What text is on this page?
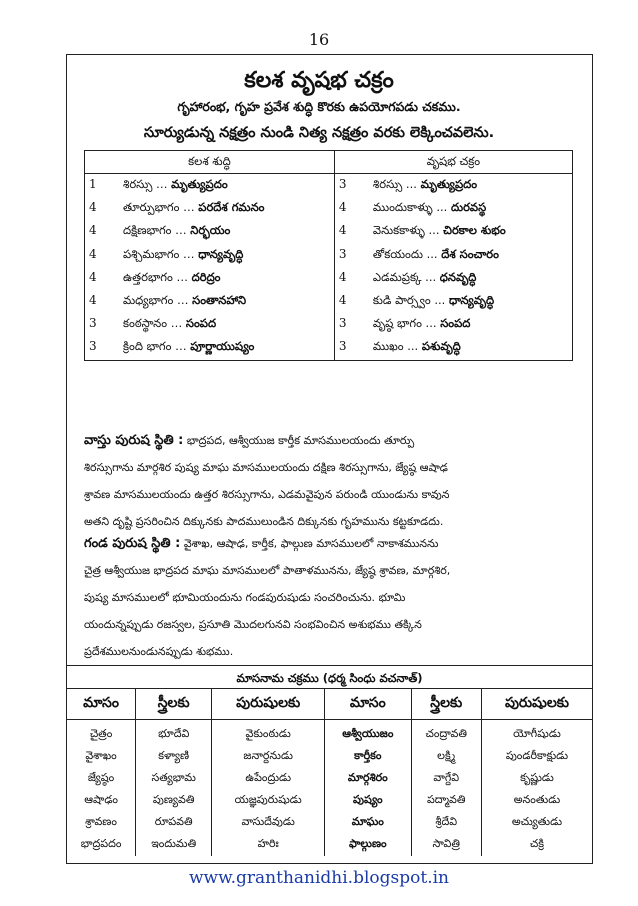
16
కలశ వృషభ చక్రం
గృహారంభ, గృహ ప్రవేశ శుద్ధి కొరకు ఉపయోగపడు చకము.
సూర్యుడున్న నక్షత్రం నుండి నిత్య నక్షత్రం వరకు లెక్కించవలెను.
కలశ శుద్ధి	వృషభ చక్రం
1 శిరస్సు … మృత్యుప్రదం	3 శిరస్సు ... మృత్యుప్రదం
4 తూర్పుభాగం … పరదేశ గమనం	4 ముందుకాళ్ళు ... దురవస్థ
4 దక్షిణభాగం … నిర్భయం	4 వెనుకకాళ్ళు ... చిరకాల శుభం
4 పశ్చిమభాగం … ధాన్యవృద్ధి	3 తోకయందు ... దేశ సంచారం
4 ఉత్తరభాగం … దరిద్రం	4 ఎడమప్రక్క ... ధనవృద్ధి
4 మధ్యభాగం … సంతానహాని	4 కుడి పార్స్వం ... ధాన్యవృద్ధి
3 కంఠస్థానం … సంపద	3 వృష్ఠ భాగం ... సంపద
3 క్రింది భాగం … పూర్ణాయుష్యం	3 ముఖం ... పశువృద్ధి
వాస్తు పురుష స్థితి : భాద్రపద, ఆశ్వీయుజ కార్తీక మాసములయందు తూర్పు
శిరస్సుగాను మార్గశిర పుష్య మాఘ మాసములయందు దక్షిణ శిరస్సుగాను, జ్యేష్ఠ ఆషాఢ
శ్రావణ మాసములయందు ఉత్తర శిరస్సుగాను, ఎడమవైపున పరుండి యుండును కావున
అతని దృష్టి ప్రసరించిన దిక్కునకు పాదములుండిన దిక్కునకు గృహమును కట్టకూడదు.
గండ పురుష స్థితి : వైశాఖ, ఆషాఢ, కార్తీక, ఫాల్గుణ మాసములలో నాకాశమునను
చైత్ర ఆశ్వీయుజ భాద్రపద మాఘ మాసములలో పాతాళమునను, జ్యేష్ఠ శ్రావణ, మార్గశిర,
పుష్య మాసములలో భూమియందును గండపురుషుడు సంచరించును. భూమి
యందున్నప్పుడు రజస్వల, ప్రసూతి మొదలగునవి సంభవించిన అశుభము తక్కిన
ప్రదేశములనుండునప్పుడు శుభము.
మాసనామ చక్రము (ధర్మ సింధు వచనాత్)
మాసం	స్త్రీలకు	పురుషులకు	మాసం	స్త్రీలకు	పురుషులకు
చైత్రం	భూదేవి	వైకుంఠుడు	ఆశ్వీయుజం	చంద్రావతి	యోగీషుడు
వైశాఖం	కళ్యాణి	జనార్దనుడు	కార్తీకం	లక్ష్మి	పుండరీకాక్షుడు
జ్యేష్ఠం	సత్యభామ	ఉపేంద్రుడు	మార్గశిరం	వాగ్దేవి	కృష్ణుడు
ఆషాఢం	పుణ్యవతి	యజ్ఞపురుషుడు	పుష్యం	పద్మావతి	అనంతుడు
శ్రావణం	రూపవతి	వాసుదేవుడు	మాఘం	శ్రీదేవి	అచ్యుతుడు
భాద్రపదం	ఇందుమతి	హరిః	ఫాల్గుణం	సావిత్రి	చక్రి
www.granthanidhi.blogspot.in
